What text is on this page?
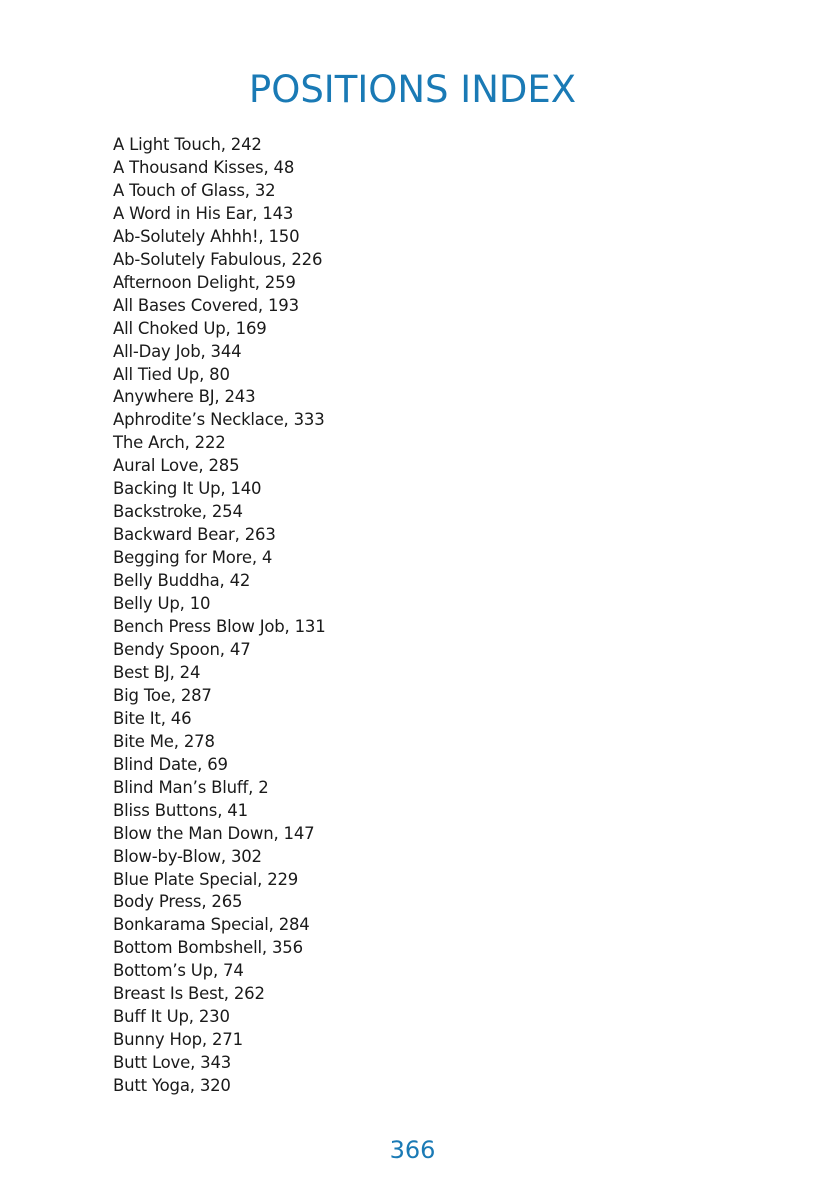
POSITIONS INDEX
A Light Touch, 242
A Thousand Kisses, 48
A Touch of Glass, 32
A Word in His Ear, 143
Ab-Solutely Ahhh!, 150
Ab-Solutely Fabulous, 226
Afternoon Delight, 259
All Bases Covered, 193
All Choked Up, 169
All-Day Job, 344
All Tied Up, 80
Anywhere BJ, 243
Aphrodite’s Necklace, 333
The Arch, 222
Aural Love, 285
Backing It Up, 140
Backstroke, 254
Backward Bear, 263
Begging for More, 4
Belly Buddha, 42
Belly Up, 10
Bench Press Blow Job, 131
Bendy Spoon, 47
Best BJ, 24
Big Toe, 287
Bite It, 46
Bite Me, 278
Blind Date, 69
Blind Man’s Bluff, 2
Bliss Buttons, 41
Blow the Man Down, 147
Blow-by-Blow, 302
Blue Plate Special, 229
Body Press, 265
Bonkarama Special, 284
Bottom Bombshell, 356
Bottom’s Up, 74
Breast Is Best, 262
Buff It Up, 230
Bunny Hop, 271
Butt Love, 343
Butt Yoga, 320
366
